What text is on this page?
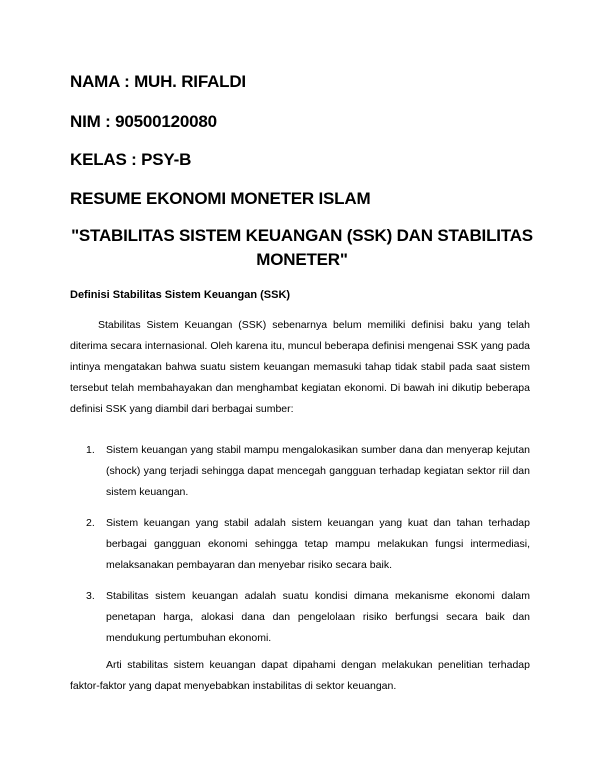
NAMA : MUH. RIFALDI

NIM : 90500120080

KELAS : PSY-B

RESUME EKONOMI MONETER ISLAM

"STABILITAS SISTEM KEUANGAN (SSK) DAN STABILITAS MONETER"

Definisi Stabilitas Sistem Keuangan (SSK)

Stabilitas Sistem Keuangan (SSK) sebenarnya belum memiliki definisi baku yang telah diterima secara internasional. Oleh karena itu, muncul beberapa definisi mengenai SSK yang pada intinya mengatakan bahwa suatu sistem keuangan memasuki tahap tidak stabil pada saat sistem tersebut telah membahayakan dan menghambat kegiatan ekonomi. Di bawah ini dikutip beberapa definisi SSK yang diambil dari berbagai sumber:

1.	Sistem keuangan yang stabil mampu mengalokasikan sumber dana dan menyerap kejutan (shock) yang terjadi sehingga dapat mencegah gangguan terhadap kegiatan sektor riil dan sistem keuangan.
2.	Sistem keuangan yang stabil adalah sistem keuangan yang kuat dan tahan terhadap berbagai gangguan ekonomi sehingga tetap mampu melakukan fungsi intermediasi, melaksanakan pembayaran dan menyebar risiko secara baik.
3.	Stabilitas sistem keuangan adalah suatu kondisi dimana mekanisme ekonomi dalam penetapan harga, alokasi dana dan pengelolaan risiko berfungsi secara baik dan mendukung pertumbuhan ekonomi.

Arti stabilitas sistem keuangan dapat dipahami dengan melakukan penelitian terhadap faktor-faktor yang dapat menyebabkan instabilitas di sektor keuangan.
